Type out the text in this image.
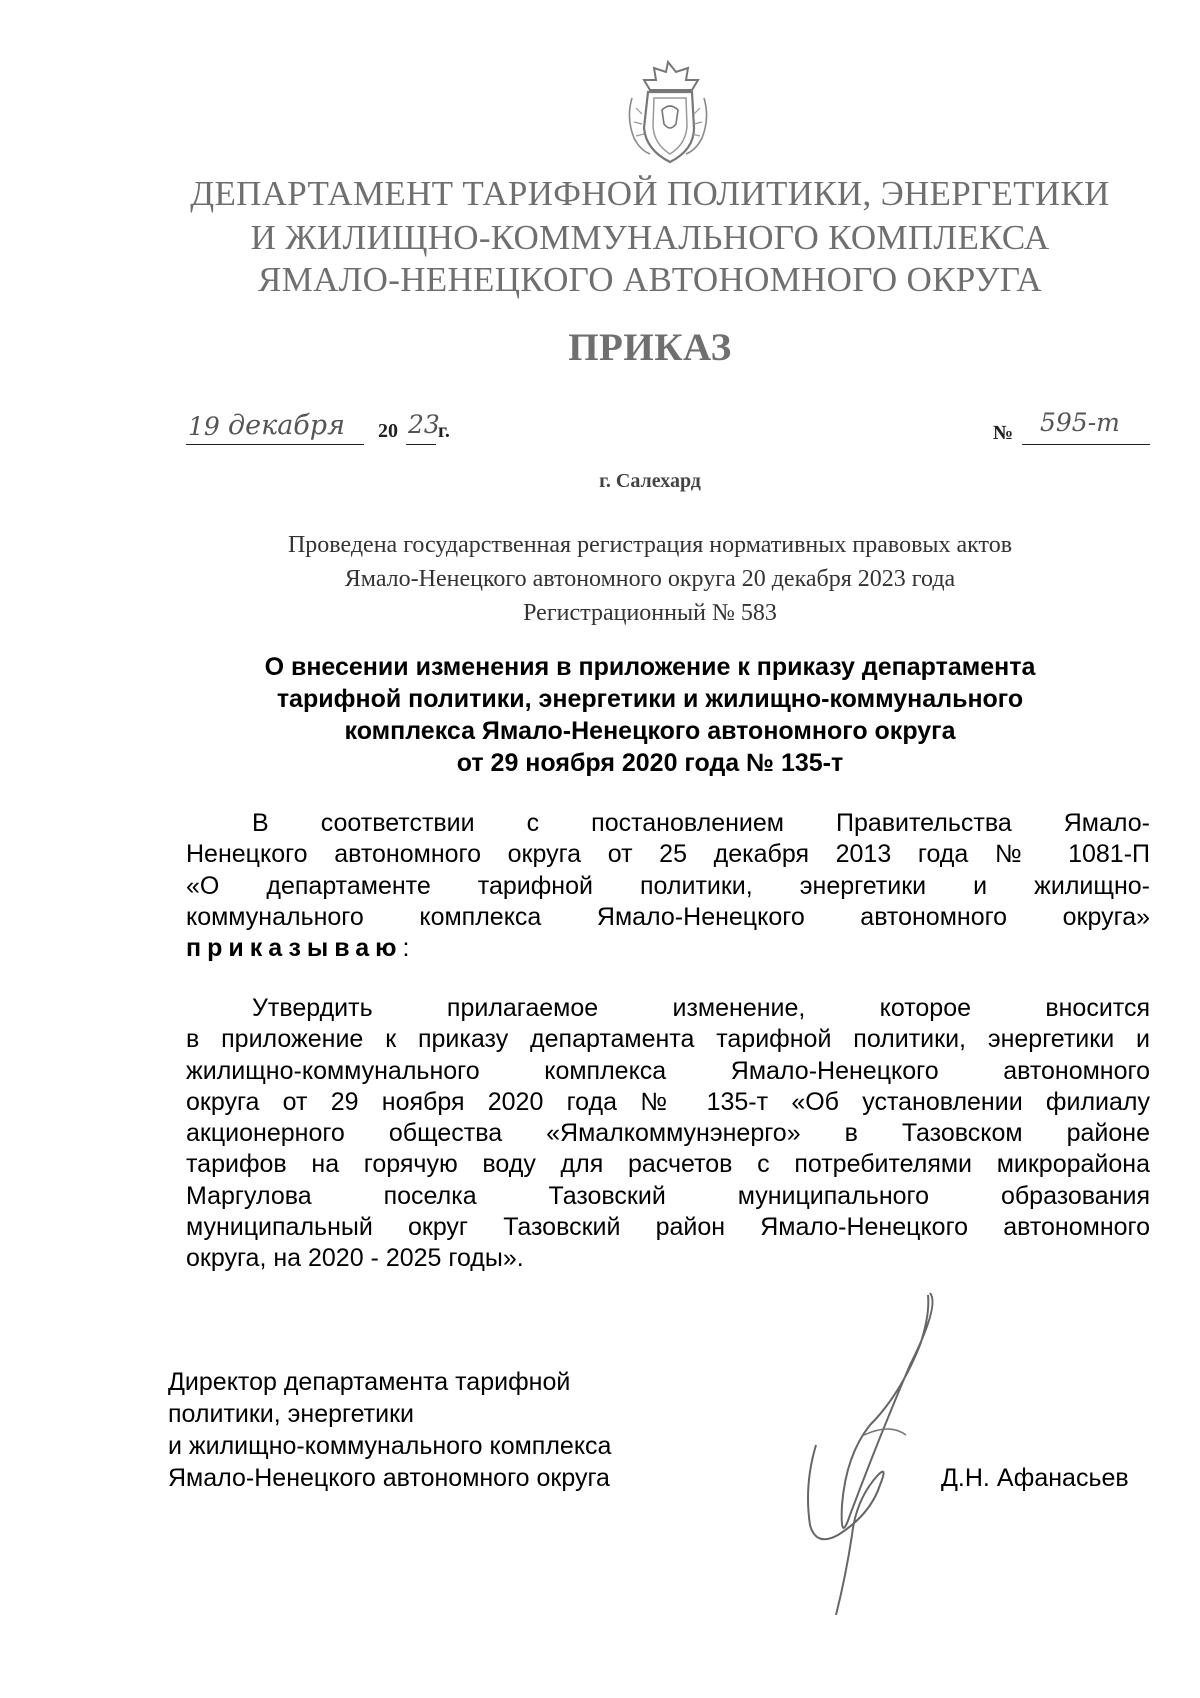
ДЕПАРТАМЕНТ ТАРИФНОЙ ПОЛИТИКИ, ЭНЕРГЕТИКИ
И ЖИЛИЩНО-КОММУНАЛЬНОГО КОМПЛЕКСА
ЯМАЛО-НЕНЕЦКОГО АВТОНОМНОГО ОКРУГА
ПРИКАЗ
19 декабря 20 23
г.	№ 595-т
г. Салехард
Проведена государственная регистрация нормативных правовых актов
Ямало-Ненецкого автономного округа 20 декабря 2023 года
Регистрационный № 583
О внесении изменения в приложение к приказу департамента
тарифной политики, энергетики и жилищно-коммунального
комплекса Ямало-Ненецкого автономного округа
от 29 ноября 2020 года № 135-т
В соответствии с постановлением Правительства Ямало-
Ненецкого автономного округа от 25 декабря 2013 года № 1081-П
«О департаменте тарифной политики, энергетики и жилищно-
коммунального комплекса Ямало-Ненецкого автономного округа»
приказываю:
Утвердить прилагаемое изменение, которое вносится
в приложение к приказу департамента тарифной политики, энергетики и
жилищно-коммунального комплекса Ямало-Ненецкого автономного
округа от 29 ноября 2020 года № 135-т «Об установлении филиалу
акционерного общества «Ямалкоммунэнерго» в Тазовском районе
тарифов на горячую воду для расчетов с потребителями микрорайона
Маргулова поселка Тазовский муниципального образования
муниципальный округ Тазовский район Ямало-Ненецкого автономного
округа, на 2020 - 2025 годы».
Директор департамента тарифной
политики, энергетики
и жилищно-коммунального комплекса
Ямало-Ненецкого автономного округа	Д.Н. Афанасьев
